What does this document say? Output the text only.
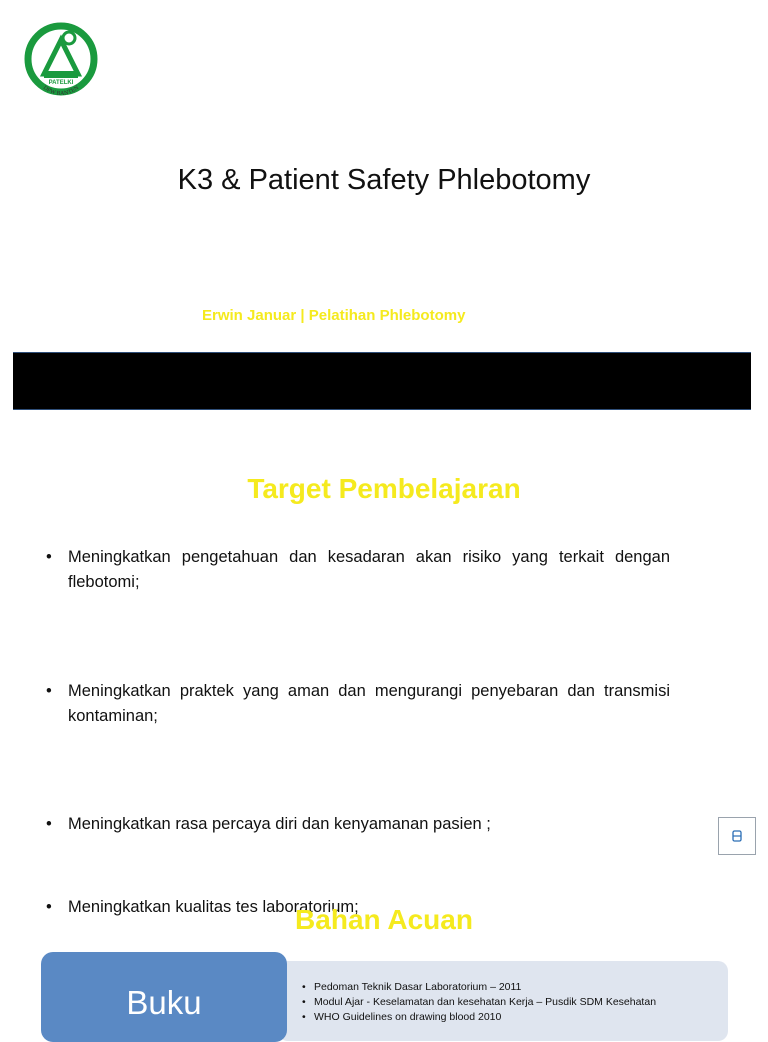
PATELKI
DPW BANTEN
K3 & Patient Safety Phlebotomy
Erwin Januar | Pelatihan Phlebotomy
Target Pembelajaran
• Meningkatkan pengetahuan dan kesadaran akan risiko yang terkait dengan flebotomi;
• Meningkatkan praktek yang aman dan mengurangi penyebaran dan transmisi kontaminan;
• Meningkatkan rasa percaya diri dan kenyamanan pasien ;
• Meningkatkan kualitas tes laboratorium;
Bahan Acuan
• Pedoman Teknik Dasar Laboratorium – 2011
• Modul Ajar - Keselamatan dan kesehatan Kerja – Pusdik SDM Kesehatan
• WHO Guidelines on drawing blood 2010
Buku
